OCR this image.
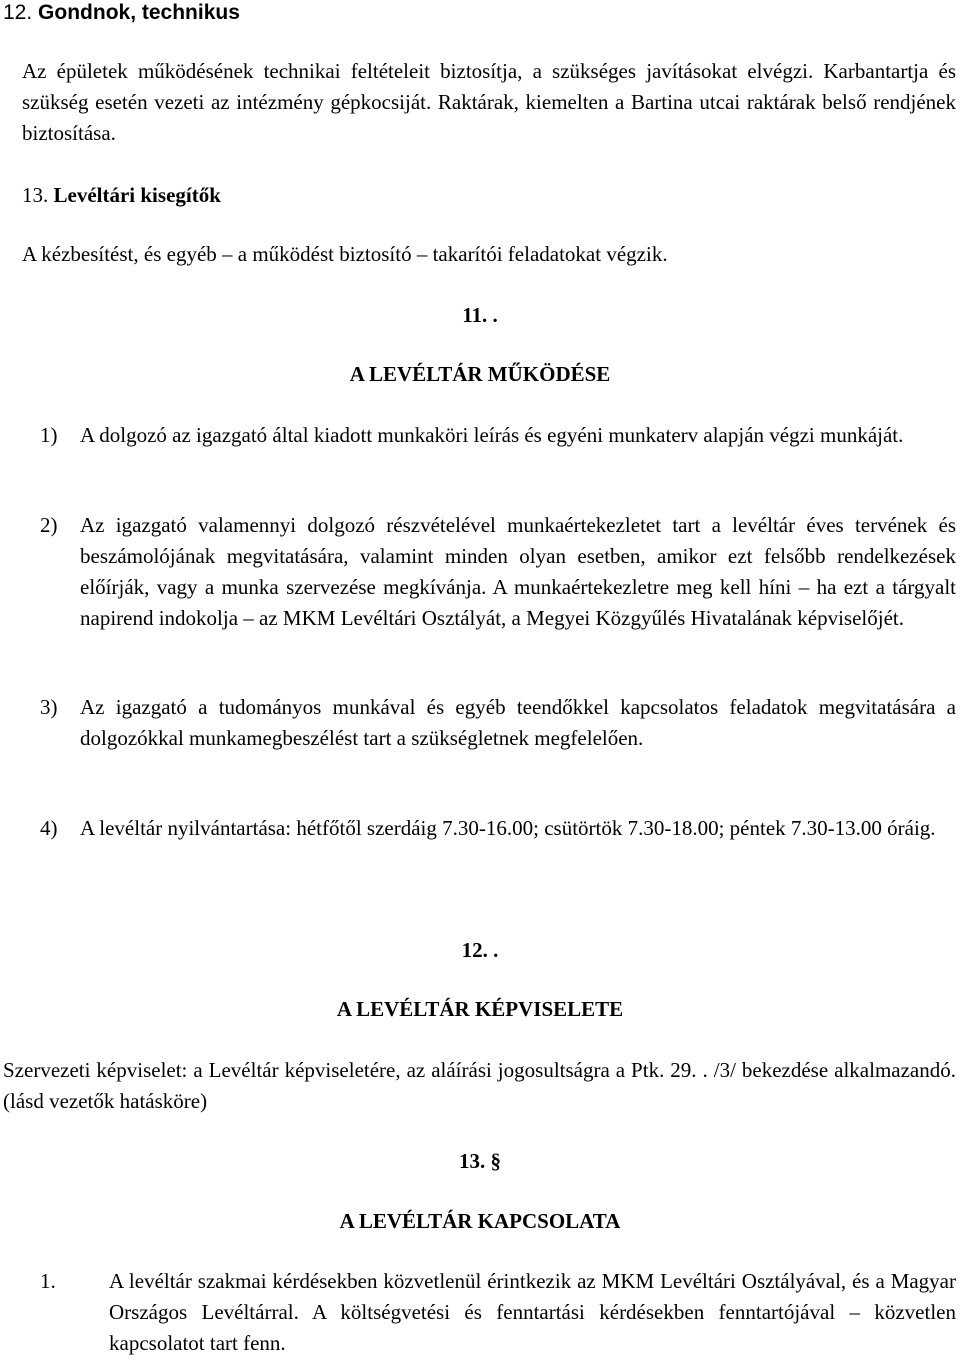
12. Gondnok, technikus
Az épületek működésének technikai feltételeit biztosítja, a szükséges javításokat elvégzi. Karbantartja és szükség esetén vezeti az intézmény gépkocsiját. Raktárak, kiemelten a Bartina utcai raktárak belső rendjének biztosítása.
13. Levéltári kisegítők
A kézbesítést, és egyéb – a működést biztosító – takarítói feladatokat végzik.
11. .
A LEVÉLTÁR MŰKÖDÉSE
1) A dolgozó az igazgató által kiadott munkaköri leírás és egyéni munkaterv alapján végzi munkáját.
2) Az igazgató valamennyi dolgozó részvételével munkaértekezletet tart a levéltár éves tervének és beszámolójának megvitatására, valamint minden olyan esetben, amikor ezt felsőbb rendelkezések előírják, vagy a munka szervezése megkívánja. A munkaértekezletre meg kell híni – ha ezt a tárgyalt napirend indokolja – az MKM Levéltári Osztályát, a Megyei Közgyűlés Hivatalának képviselőjét.
3) Az igazgató a tudományos munkával és egyéb teendőkkel kapcsolatos feladatok megvitatására a dolgozókkal munkamegbeszélést tart a szükségletnek megfelelően.
4) A levéltár nyilvántartása: hétfőtől szerdáig 7.30-16.00; csütörtök 7.30-18.00; péntek 7.30-13.00 óráig.
12. .
A LEVÉLTÁR KÉPVISELETE
Szervezeti képviselet: a Levéltár képviseletére, az aláírási jogosultságra a Ptk. 29. . /3/ bekezdése alkalmazandó. (lásd vezetők hatásköre)
13. §
A LEVÉLTÁR KAPCSOLATA
1.	A levéltár szakmai kérdésekben közvetlenül érintkezik az MKM Levéltári Osztályával, és a Magyar Országos Levéltárral. A költségvetési és fenntartási kérdésekben fenntartójával – közvetlen kapcsolatot tart fenn.
